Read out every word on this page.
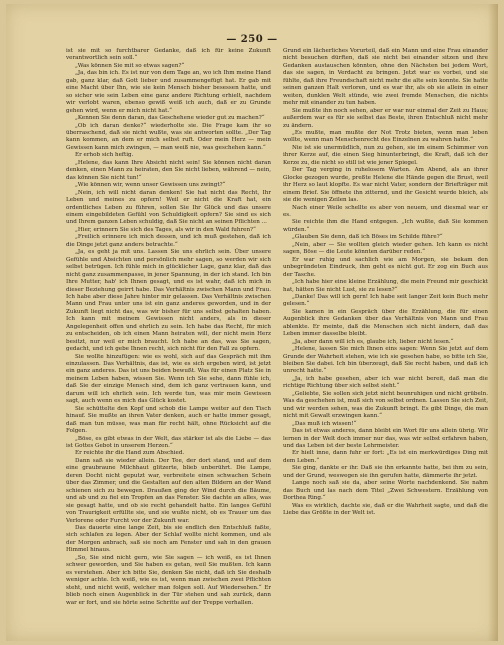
— 250 —

ist sie mit so furchtbarer Gedanke, daß ich für keine Zukunft verantwortlich sein soll.“

„Was können Sie mit so etwas sagen?“

„Ja, das bin ich. Es ist nur von dem Tage an, wo ich Ihm meine Hand gab, ganz klar, daß Gott lieber und zusammengefügt hat. Er gab mit eine Macht über Ihn, wie sie kein Mensch bisher besessen hatte, und so sicher wie sein Leben eine ganz andere Richtung erhielt, nachdem wir verlobt waren, ebenso gewiß weiß ich auch, daß er zu Grunde gehen wird, wenn er mich nicht hat.“

„Kennen Sie denn daran, das Geschehene wieder gut zu machen?“

„Ob ich daran denke?“ wiederholte sie. Die Frage kam ihr so überraschend, daß sie nicht wußte, was sie antworten sollte. „Der Tag kann kommen, an dem er mich selbst ruft. Oder mein Herz — mein Gewissen kann mich zwingen, — man weiß nie, was geschehen kann.“

Er erhob sich heftig.

„Helene, das kann Ihre Absicht nicht sein! Sie können nicht daran denken, einen Mann zu heiraten, den Sie nicht lieben, während — nein, das können Sie nicht tun!“

„Wie können wir, wenn unser Gewissen uns zwingt?“

„Nein, ich will nicht daran denken! Sie hat nicht das Recht, Ihr Leben und meines zu opfern! Weil er nicht die Kraft hat, ein ordentliches Leben zu führen, sollen Sie Ihr Glück und das unsere einem eingebildeten Gefühl von Schuldigkeit opfern? Sie sind es sich und Ihrem ganzen Leben schuldig, daß Sie nicht an seinen Pflichten ...

„Hier, erinnern Sie sich des Tages, als wir in den Wald fuhren?“

„Freilich erinnere ich mich dessen, und ich muß gestehen, daß ich die Dinge jetzt ganz anders betrachte.“

„Ja, es geht ja mit uns. Lassen Sie uns ehrlich sein. Über unsere Gefühle und Absichten und persönlich mehr sagen, so werden wir sich selbst betrügen. Ich fühle mich in glücklicher Lage, ganz klar, daß das nicht ganz zusammenpasse, in jener Spannung, in der ich stand. Ich bin Ihre Mutter, hab' ich Ihnen gesagt, und es ist wahr, daß ich mich in dieser Beziehung geirrt habe. Das Verhältnis zwischen Mann und Frau. Ich habe aber diese Jahre hinter mir gelassen. Das Verhältnis zwischen Mann und Frau unter uns ist ein ganz anderes geworden, und in der Zukunft liegt nicht das, was wir bisher für uns selbst gehalten haben. Ich kann mit meinem Gewissen nicht anders, als in dieser Angelegenheit offen und ehrlich zu sein. Ich habe das Recht, für mich zu entscheiden, ob ich einen Mann heiraten will, der nicht mein Herz besitzt, nur weil er mich braucht. Ich habe an das, was Sie sagen, gedacht, und ich gebe Ihnen recht, sich nicht für den Fall zu opfern.

Sie wollte hinzufügen: wie es wohl, sich auf das Gespräch mit ihm einzulassen. Das Verhältnis, das ist, wie es sich ergeben wird, ist jetzt ein ganz anderes. Das ist uns beiden bewußt. Was für einen Platz Sie in meinem Leben haben, wissen Sie. Wenn ich Sie sehe, dann fühle ich, daß Sie der einzige Mensch sind, dem ich ganz vertrauen kann, und darum will ich ehrlich sein. Ich werde tun, was mir mein Gewissen sagt, auch wenn es mich das Glück kostet.

Sie schüttelte den Kopf und schob die Lampe weiter auf den Tisch hinauf. Sie mußte an ihren Vater denken, auch er hatte immer gesagt, daß man tun müsse, was man für recht hält, ohne Rücksicht auf die Folgen.

„Böse, es gibt etwas in der Welt, das stärker ist als die Liebe — das ist Gottes Gebot in unserem Herzen.“

Er reichte ihr die Hand zum Abschied.

Dann saß sie wieder allein. Der Tee, der dort stand, und auf dem eine graubraune Milchhaut glitzerte, blieb unberührt. Die Lampe, deren Docht nicht geputzt war, verbreitete einen schwachen Schein über das Zimmer, und die Gestalten auf den alten Bildern an der Wand schienen sich zu bewegen. Draußen ging der Wind durch die Bäume, und ab und zu fiel ein Tropfen an das Fenster. Sie dachte an alles, was sie gesagt hatte, und ob sie recht gehandelt hatte. Ein langes Gefühl von Traurigkeit erfüllte sie, und sie wußte nicht, ob es Trauer um das Verlorene oder Furcht vor der Zukunft war.

Das dauerte eine lange Zeit, bis sie endlich den Entschluß faßte, sich schlafen zu legen. Aber der Schlaf wollte nicht kommen, und als der Morgen anbrach, saß sie noch am Fenster und sah in den grauen Himmel hinaus.

„So, Sie sind nicht gern, wie Sie sagen — ich weiß, es ist Ihnen schwer geworden, und Sie haben es getan, weil Sie mußten. Ich kann es verstehen. Aber ich bitte Sie, denken Sie nicht, daß ich Sie deshalb weniger achte. Ich weiß, wie es ist, wenn man zwischen zwei Pflichten steht, und nicht weiß, welcher man folgen soll. Auf Wiedersehen.“ Er blieb noch einen Augenblick in der Tür stehen und sah zurück, dann war er fort, und sie hörte seine Schritte auf der Treppe verhallen.

Grund ein lächerliches Vorurteil, daß ein Mann und eine Frau einander nicht besuchen dürften, daß sie nicht bei einander sitzen und ihre Gedanken austauschen könnten, ohne den Nächsten bei jedem Wort, das sie sagen, in Verdacht zu bringen. Jetzt war es vorbei, und sie fühlte, daß ihre Freundschaft nicht mehr die alte sein konnte. Sie hatte seinen ganzen Halt verloren, und es war ihr, als ob sie allein in einer weiten, dunklen Welt stünde, wie zwei fremde Menschen, die nichts mehr mit einander zu tun haben.

Sie mußte ihn noch sehen, aber er war nur einmal der Zeit zu Haus; außerdem war es für sie selbst das Beste, ihren Entschluß nicht mehr zu ändern.

„Es mußte, man mußte der Not Trotz bieten, wenn man leben wollte, wenn man Menschenrecht des Einzelnen zu wahren hatte.“

Nie ist sie unermüdlich, nun zu gehen, sie im einem Schimmer von ihrer Kerze auf, die einen Sieg hinunterbringt, die Kraft, daß ich der Kerze zu, die nicht so still ist wie jener Spiegel.

Der Tag verging in ruhelosem Warten. Am Abend, als an ihrer Glocke gezogen wurde, preßte Helene die Hände gegen die Brust, weil ihr Herz so laut klopfte. Es war nicht Vater, sondern der Briefträger mit einem Brief. Sie öffnete ihn zitternd, und ihr Gesicht wurde bleich, als sie die wenigen Zeilen las.

Nach einer Weile schellte es aber von neuem, und diesmal war er es.

Sie reichte ihm die Hand entgegen. „Ich wußte, daß Sie kommen würden.“

„Glauben Sie denn, daß ich Böses im Schilde führe?“

„Nein, aber — Sie wollten gleich wieder gehen. Ich kann es nicht sagen, Böse — die Leute könnten darüber reden.“

Er war ruhig und sachlich wie am Morgen, sie bekam den unbegründeten Eindruck, ihm geht es nicht gut. Er zog ein Buch aus der Tasche.

„Ich habe hier eine kleine Erzählung, die mein Freund mir geschickt hat, hätten Sie nicht Lust, sie zu lesen?“

„Danke! Das will ich gern! Ich habe seit langer Zeit kein Buch mehr gelesen.“

Sie kamen in ein Gespräch über die Erzählung, die für einen Augenblick ihre Gedanken über das Verhältnis von Mann und Frau ablenkte. Er meinte, daß die Menschen sich nicht ändern, daß das Leben immer dasselbe bleibt.

„Ja, aber dann will ich es, glaube ich, lieber nicht lesen.“

„Helene, lassen Sie mich Ihnen eins sagen: Wenn Sie jetzt auf dem Grunde der Wahrheit stehen, wie ich sie gesehen habe, so bitte ich Sie, bleiben Sie dabei. Ich bin überzeugt, daß Sie recht haben, und daß ich unrecht hatte.“

„Ja, ich habe gesehen, aber ich war nicht bereit, daß man die richtige Richtung über sich selbst sieht.“

„Geliebte, Sie sollen sich jetzt nicht beunruhigen und nicht grübeln. Was da geschehen ist, muß sich von selbst ordnen. Lassen Sie sich Zeit, und wir werden sehen, was die Zukunft bringt. Es gibt Dinge, die man nicht mit Gewalt erzwingen kann.“

„Das muß ich wissen!“

Das ist etwas anderes, dann bleibt ein Wort für uns allein übrig. Wir lernen in der Welt doch immer nur das, was wir selbst erfahren haben, und das Leben ist der beste Lehrmeister.

Er hielt inne, dann fuhr er fort: „Es ist ein merkwürdiges Ding mit dem Leben.“

Sie ging, dankte er ihr. Daß sie ihn erkannte hatte, bei ihm zu sein, und der Grund, weswegen sie ihn gerufen hatte, dämmerte ihr jetzt.

Lange noch saß sie da, aber seine Worte nachdenkend. Sie nahm das Buch und las nach dem Titel „Zwei Schwestern. Erzählung von Dorthea Ring.“

Was es wirklich, dachte sie, daß er die Wahrheit sagte, und daß die Liebe das Größte in der Welt ist.
